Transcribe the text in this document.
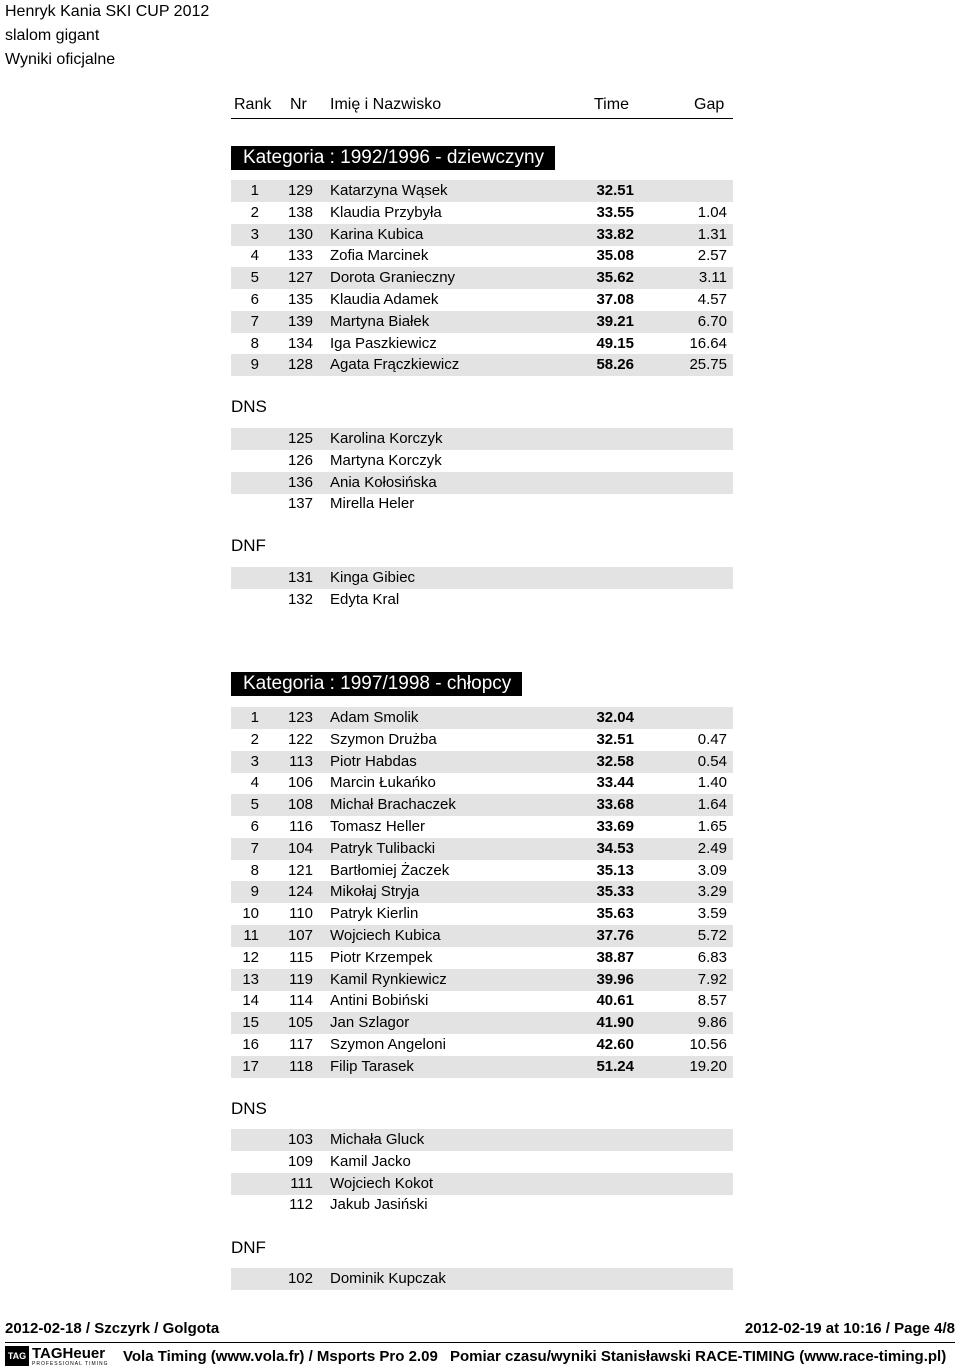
Henryk Kania SKI CUP 2012
slalom gigant
Wyniki oficjalne
Rank Nr Imię i Nazwisko	Time	Gap
Kategoria : 1992/1996 - dziewczyny
1	129 Katarzyna Wąsek	32.51
2	138 Klaudia Przybyła	33.55	1.04
3	130 Karina Kubica	33.82	1.31
4	133 Zofia Marcinek	35.08	2.57
5	127 Dorota Granieczny	35.62	3.11
6	135 Klaudia Adamek	37.08	4.57
7	139 Martyna Białek	39.21	6.70
8	134 Iga Paszkiewicz	49.15	16.64
9	128 Agata Frączkiewicz	58.26	25.75
DNS
125 Karolina Korczyk
126 Martyna Korczyk
136 Ania Kołosińska
137 Mirella Heler
DNF
131 Kinga Gibiec
132 Edyta Kral
Kategoria : 1997/1998 - chłopcy
1	123 Adam Smolik	32.04
2	122 Szymon Drużba	32.51	0.47
3	113 Piotr Habdas	32.58	0.54
4	106 Marcin Łukańko	33.44	1.40
5	108 Michał Brachaczek	33.68	1.64
6	116 Tomasz Heller	33.69	1.65
7	104 Patryk Tulibacki	34.53	2.49
8	121 Bartłomiej Żaczek	35.13	3.09
9	124 Mikołaj Stryja	35.33	3.29
10	110 Patryk Kierlin	35.63	3.59
11	107 Wojciech Kubica	37.76	5.72
12	115 Piotr Krzempek	38.87	6.83
13	119 Kamil Rynkiewicz	39.96	7.92
14	114 Antini Bobiński	40.61	8.57
15	105 Jan Szlagor	41.90	9.86
16	117 Szymon Angeloni	42.60	10.56
17	118 Filip Tarasek	51.24	19.20
DNS
103 Michała Gluck
109 Kamil Jacko
111 Wojciech Kokot
112 Jakub Jasiński
DNF
102 Dominik Kupczak
2012-02-18 / Szczyrk / Golgota	2012-02-19 at 10:16 / Page 4/8
TAG TAGHeuer
PROFESSIONAL TIMING Vola Timing (www.vola.fr) / Msports Pro 2.09 Pomiar czasu/wyniki Stanisławski RACE-TIMING (www.race-timing.pl)
